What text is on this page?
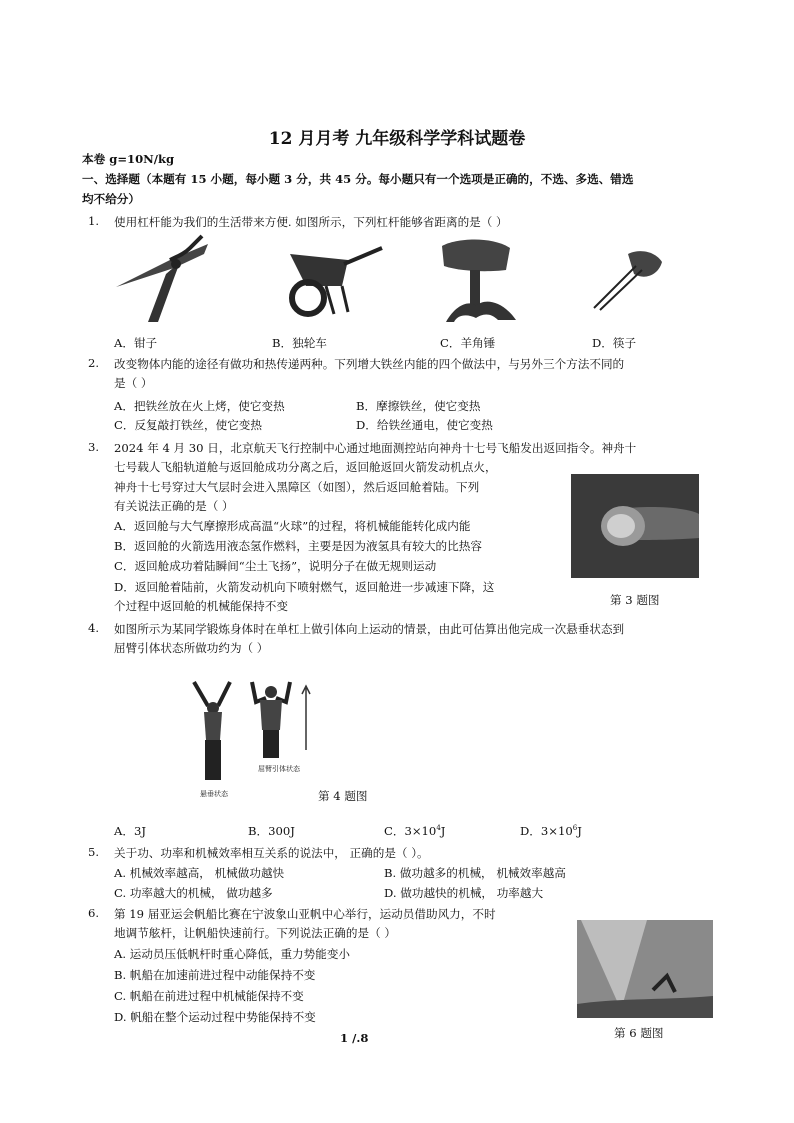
12 月月考 九年级科学学科试题卷
本卷 g=10N/kg
一、选择题（本题有 15 小题，每小题 3 分，共 45 分。每小题只有一个选项是正确的，不选、多选、错选
均不给分）
1. 使用杠杆能为我们的生活带来方便. 如图所示，下列杠杆能够省距离的是（ ）
A．钳子	B．独轮车	C．羊角锤	D．筷子
2. 改变物体内能的途径有做功和热传递两种。下列增大铁丝内能的四个做法中，与另外三个方法不同的
是（ ）
A．把铁丝放在火上烤，使它变热	B．摩擦铁丝，使它变热
C．反复敲打铁丝，使它变热	D．给铁丝通电，使它变热
3. 2024 年 4 月 30 日，北京航天飞行控制中心通过地面测控站向神舟十七号飞船发出返回指令。神舟十
七号载人飞船轨道舱与返回舱成功分离之后，返回舱返回火箭发动机点火，
神舟十七号穿过大气层时会进入黑障区（如图），然后返回舱着陆。下列
有关说法正确的是（ ）
A．返回舱与大气摩擦形成高温“火球”的过程，将机械能能转化成内能
B．返回舱的火箭选用液态氢作燃料，主要是因为液氢具有较大的比热容
C．返回舱成功着陆瞬间“尘土飞扬”，说明分子在做无规则运动
D．返回舱着陆前，火箭发动机向下喷射燃气，返回舱进一步减速下降，这
个过程中返回舱的机械能保持不变	第 3 题图
4. 如图所示为某同学锻炼身体时在单杠上做引体向上运动的情景，由此可估算出他完成一次悬垂状态到
屈臂引体状态所做功约为（ ）
悬垂状态
屈臂引体状态
第 4 题图
A．3J	B．300J	C．$3\times 10^4J$	D．$3\times 10^6J$
5. 关于功、功率和机械效率相互关系的说法中， 正确的是（ ）。
A. 机械效率越高， 机械做功越快	B. 做功越多的机械， 机械效率越高
C. 功率越大的机械， 做功越多	D. 做功越快的机械， 功率越大
6. 第 19 届亚运会帆船比赛在宁波象山亚帆中心举行，运动员借助风力，不时
地调节舷杆，让帆船快速前行。下列说法正确的是（ ）
A. 运动员压低帆杆时重心降低，重力势能变小
B. 帆船在加速前进过程中动能保持不变
C. 帆船在前进过程中机械能保持不变
D. 帆船在整个运动过程中势能保持不变
第 6 题图
1 /.8
